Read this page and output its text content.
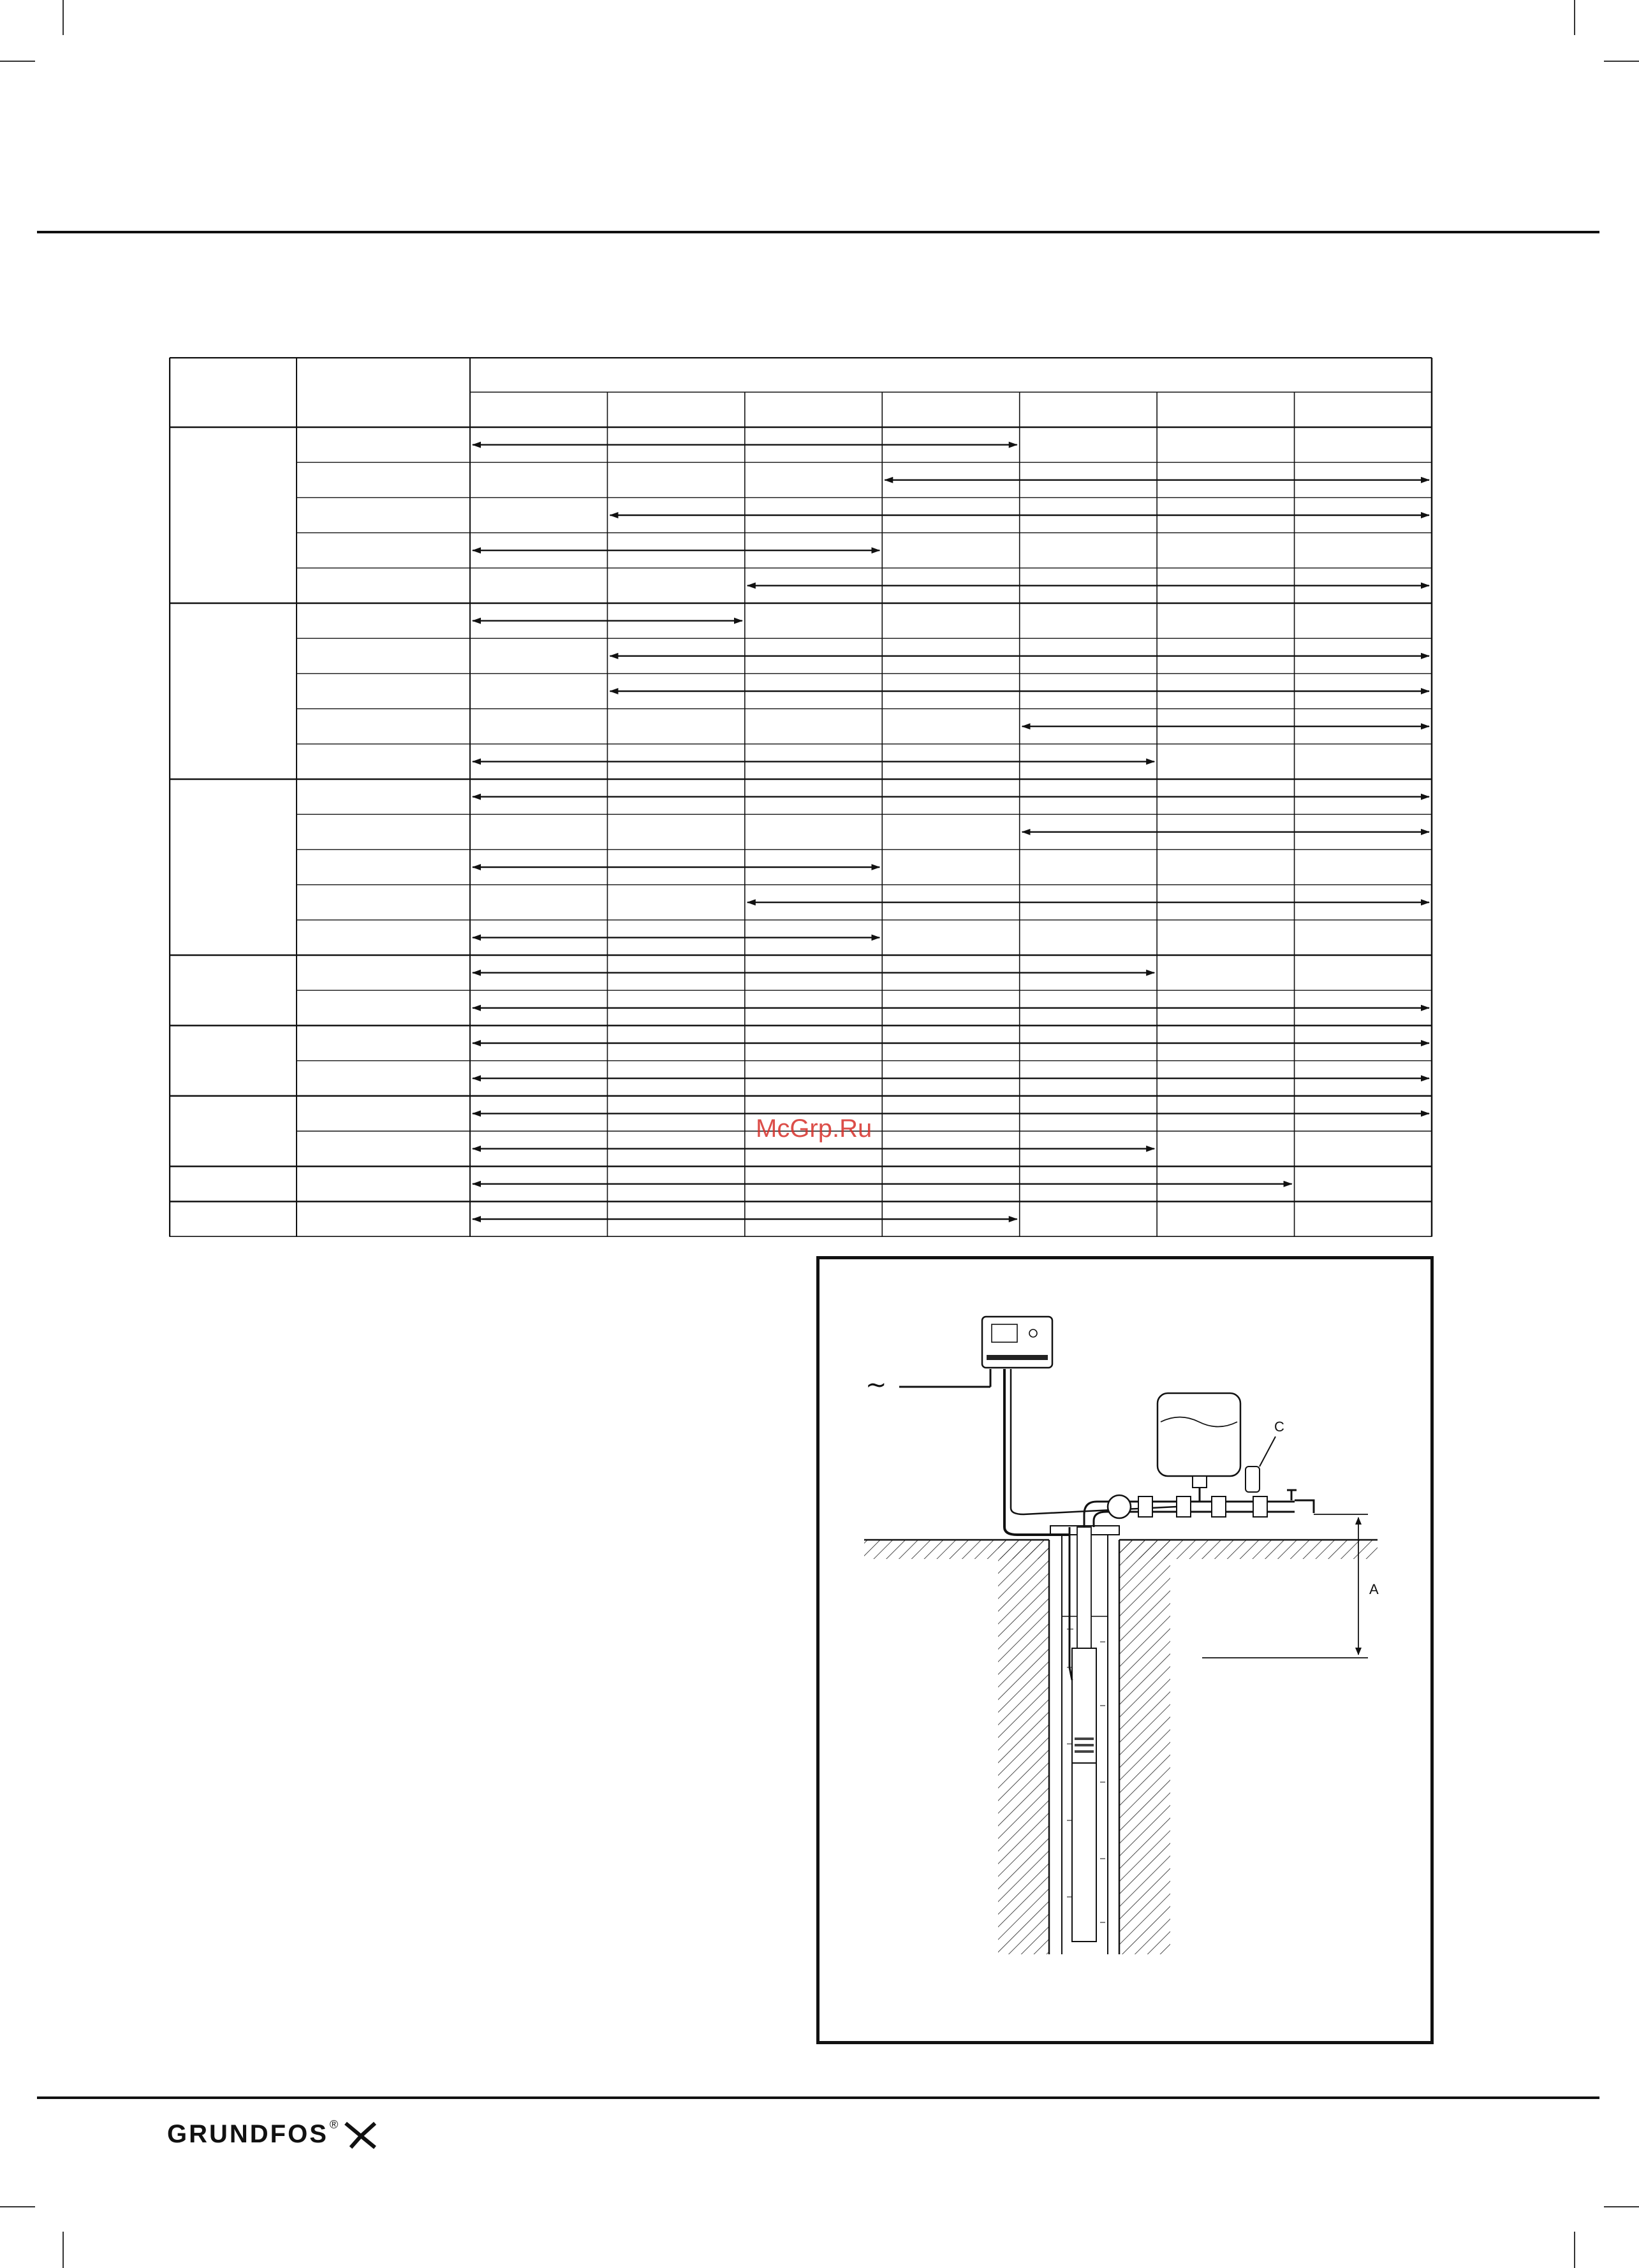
McGrp.Ru
~
C
A
GRUNDFOS ®
